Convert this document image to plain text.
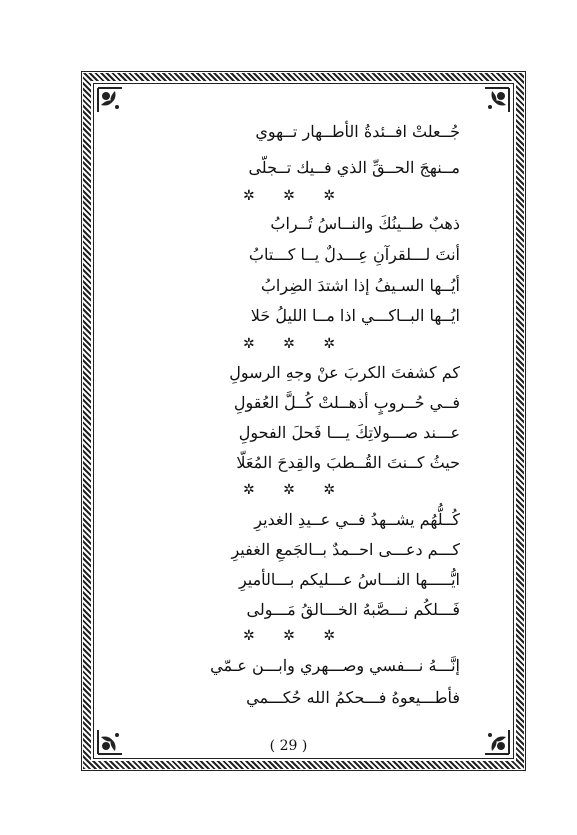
جُــعلتْ افــئدةُ الأطــهار تــهوي
مــنهجَ الحــقِّ الذي فــيك تــجلّى
✲ ✲ ✲
ذهبٌ طــينُكَ والنــاسُ تُــرابُ
أنتَ لـــلقرآنِ عِـــدلٌ يــا كـــتابُ
أيُــها السـيفُ إذا اشتدَ الضِرابُ
ايُــها البــاكـــي اذا مــا الليلُ حَلا
✲ ✲ ✲
كم كشفتَ الكربَ عنْ وجهِ الرسولِ
فــي حُــروبٍ أذهــلتْ كُــلَّ العُقولِ
عـــند صـــولاتِكَ يـــا فَحلَ الفحولِ
حيثُ كــنتَ القُــطبَ والقِدحَ المُعَلّا
✲ ✲ ✲
كُــلُّهُم يشــهدُ فــي عــيدِ الغديرِ
كـــم دعـــى احــمدٌ بــالجَمعِ الغفيرِ
ايُّـــــها النـــاسُ عـــليكم بـــالأميرِ
فَـــلكُم نـــصَّبهُ الخـــالقُ مَـــولى
✲ ✲ ✲
إنَّـــهُ نـــفسي وصـــهري وابـــن عـمّي
فأطـــيعوهُ فـــحكمُ الله حُكـــمي
( 29 )
